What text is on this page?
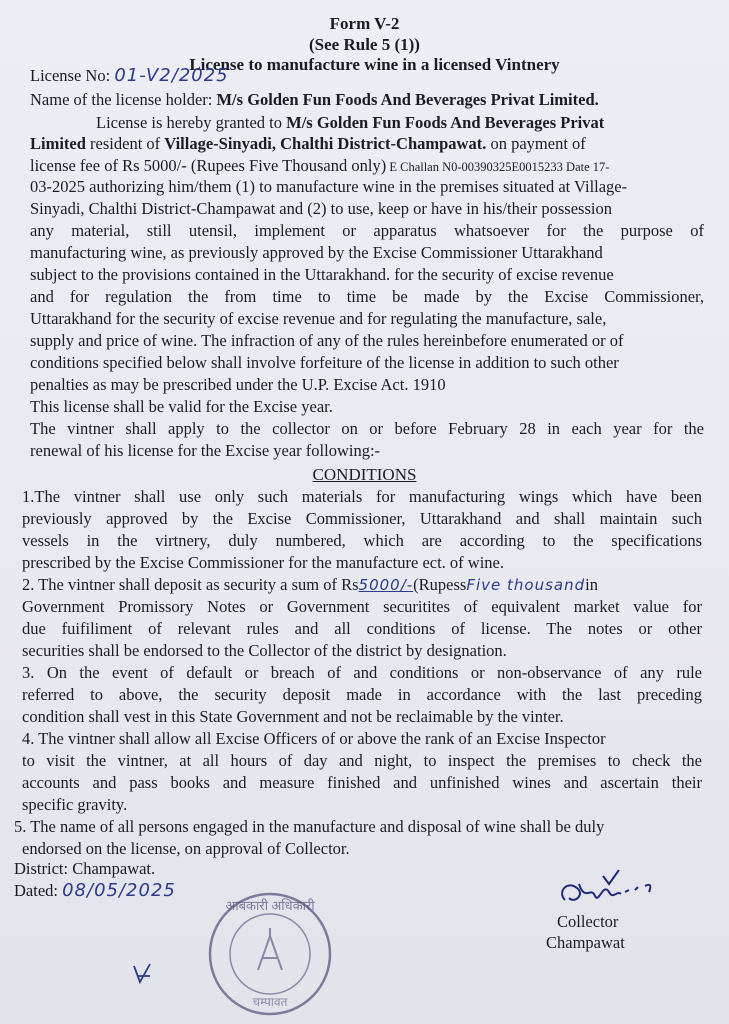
Form V-2
(See Rule 5 (1))
License to manufacture wine in a licensed Vintnery
License No: 01-V2/2025
Name of the license holder: M/s Golden Fun Foods And Beverages Privat Limited.
License is hereby granted to M/s Golden Fun Foods And Beverages Privat
Limited resident of Village-Sinyadi, Chalthi District-Champawat. on payment of
license fee of Rs 5000/- (Rupees Five Thousand only) E Challan N0-00390325E0015233 Date 17-
03-2025 authorizing him/them (1) to manufacture wine in the premises situated at Village-
Sinyadi, Chalthi District-Champawat and (2) to use, keep or have in his/their possession
any material, still utensil, implement or apparatus whatsoever for the purpose of
manufacturing wine, as previously approved by the Excise Commissioner Uttarakhand
subject to the provisions contained in the Uttarakhand. for the security of excise revenue
and for regulation the from time to time be made by the Excise Commissioner,
Uttarakhand for the security of excise revenue and for regulating the manufacture, sale,
supply and price of wine. The infraction of any of the rules hereinbefore enumerated or of
conditions specified below shall involve forfeiture of the license in addition to such other
penalties as may be prescribed under the U.P. Excise Act. 1910
This license shall be valid for the Excise year.
The vintner shall apply to the collector on or before February 28 in each year for the
renewal of his license for the Excise year following:-
CONDITIONS
1.The vintner shall use only such materials for manufacturing wings which have been
previously approved by the Excise Commissioner, Uttarakhand and shall maintain such
vessels in the virtnery, duly numbered, which are according to the specifications
prescribed by the Excise Commissioner for the manufacture ect. of wine.
2. The vintner shall deposit as security a sum of Rs5000/-(RupessFive thousandin
Government Promissory Notes or Government securitites of equivalent market value for
due fuifiliment of relevant rules and all conditions of license. The notes or other
securities shall be endorsed to the Collector of the district by designation.
3. On the event of default or breach of and conditions or non-observance of any rule
referred to above, the security deposit made in accordance with the last preceding
condition shall vest in this State Government and not be reclaimable by the vinter.
4. The vintner shall allow all Excise Officers of or above the rank of an Excise Inspector
to visit the vintner, at all hours of day and night, to inspect the premises to check the
accounts and pass books and measure finished and unfinished wines and ascertain their
specific gravity.
5. The name of all persons engaged in the manufacture and disposal of wine shall be duly
endorsed on the license, on approval of Collector.
District: Champawat.
Dated: 08/05/2025
Collector
Champawat
आबकारी अधिकारी
चम्पावत
